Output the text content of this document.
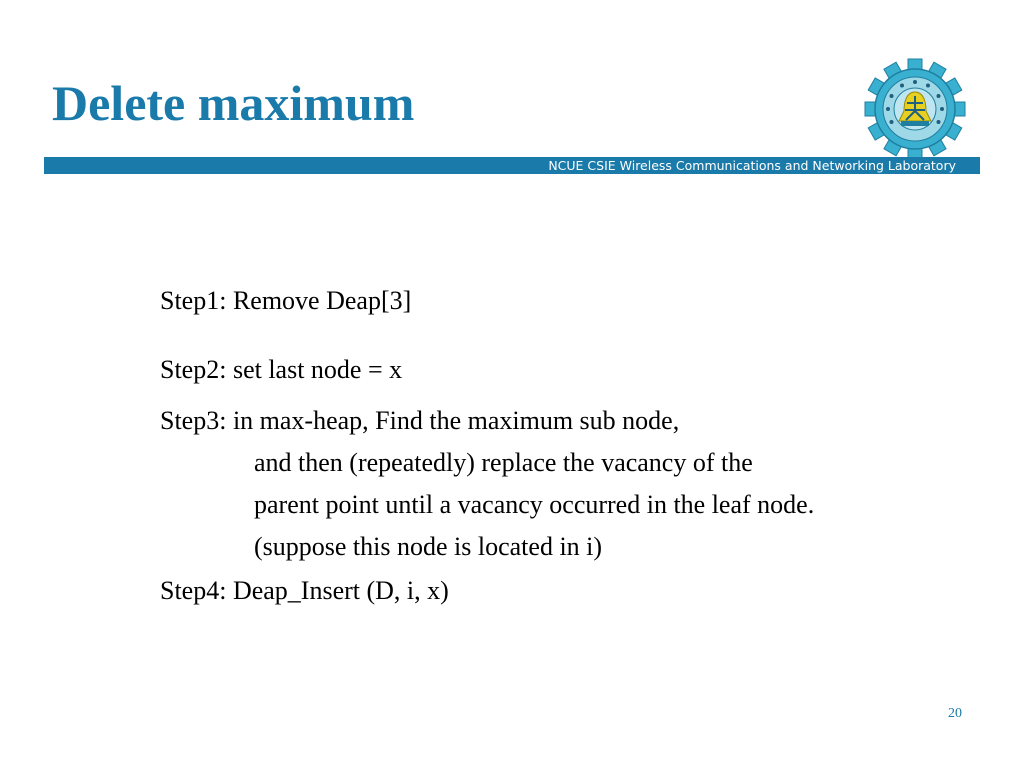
Delete maximum
NCUE CSIE Wireless Communications and Networking Laboratory

Step1: Remove Deap[3]

Step2: set last node = x

Step3: in max-heap, Find the maximum sub node,

and then (repeatedly) replace the vacancy of the

parent point until a vacancy occurred in the leaf node.

(suppose this node is located in i)

Step4: Deap_Insert (D, i, x)

20
